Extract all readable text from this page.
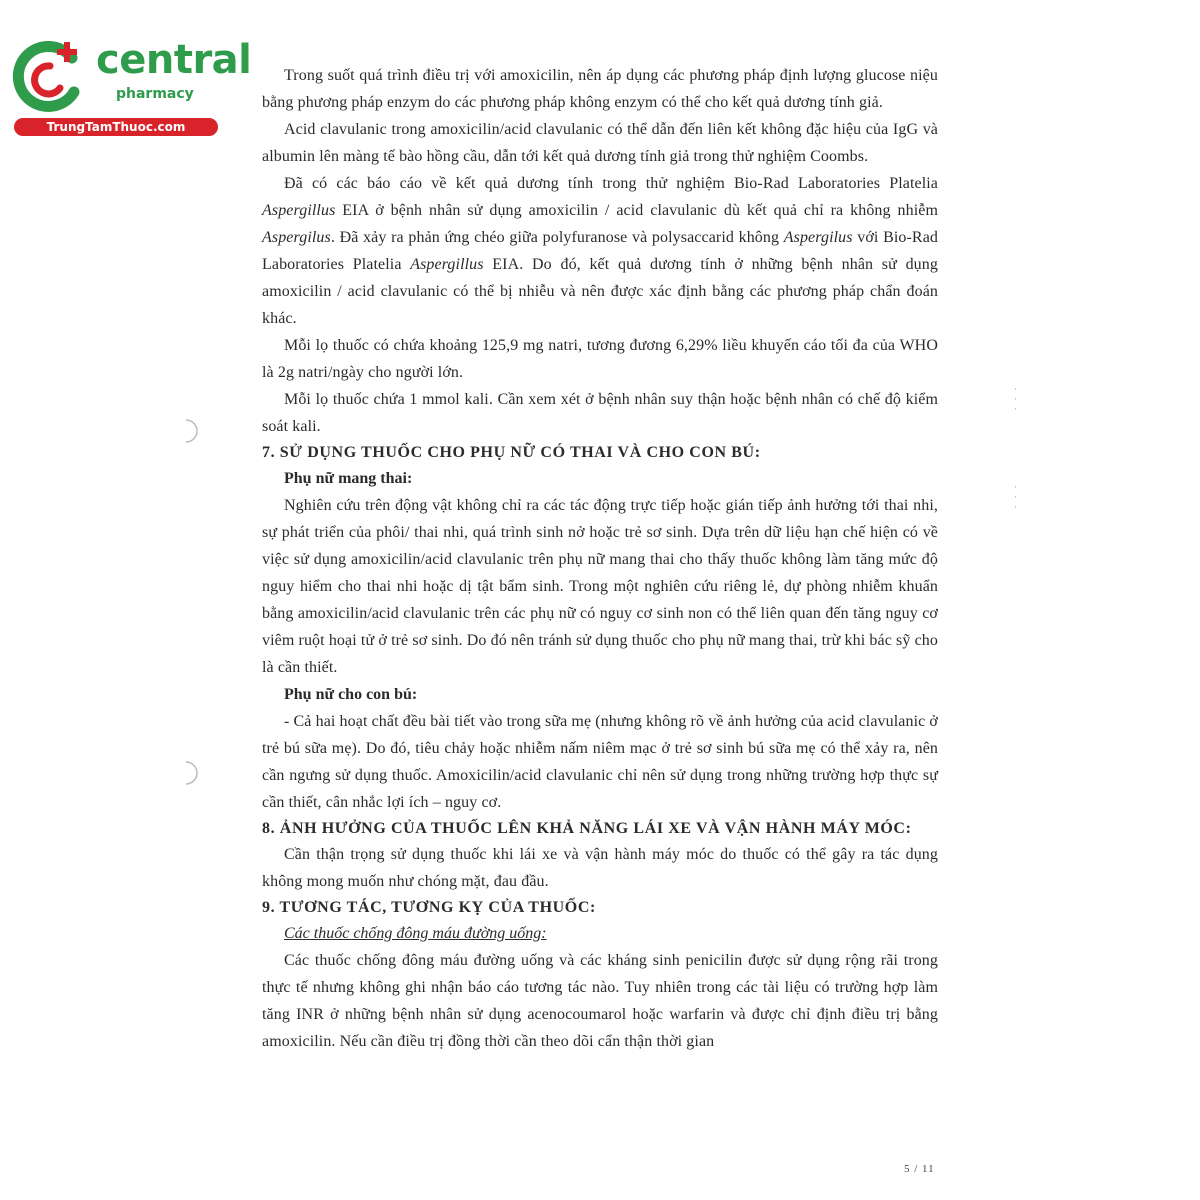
central
pharmacy
TrungTamThuoc.com

Trong suốt quá trình điều trị với amoxicilin, nên áp dụng các phương pháp định lượng glucose niệu bằng phương pháp enzym do các phương pháp không enzym có thể cho kết quả dương tính giả.

Acid clavulanic trong amoxicilin/acid clavulanic có thể dẫn đến liên kết không đặc hiệu của IgG và albumin lên màng tế bào hồng cầu, dẫn tới kết quả dương tính giả trong thử nghiệm Coombs.

Đã có các báo cáo về kết quả dương tính trong thử nghiệm Bio-Rad Laboratories Platelia Aspergillus EIA ở bệnh nhân sử dụng amoxicilin / acid clavulanic dù kết quả chỉ ra không nhiễm Aspergilus. Đã xảy ra phản ứng chéo giữa polyfuranose và polysaccarid không Aspergilus với Bio-Rad Laboratories Platelia Aspergillus EIA. Do đó, kết quả dương tính ở những bệnh nhân sử dụng amoxicilin / acid clavulanic có thể bị nhiễu và nên được xác định bằng các phương pháp chẩn đoán khác.

Mỗi lọ thuốc có chứa khoảng 125,9 mg natri, tương đương 6,29% liều khuyến cáo tối đa của WHO là 2g natri/ngày cho người lớn.

Mỗi lọ thuốc chứa 1 mmol kali. Cần xem xét ở bệnh nhân suy thận hoặc bệnh nhân có chế độ kiểm soát kali.

7. SỬ DỤNG THUỐC CHO PHỤ NỮ CÓ THAI VÀ CHO CON BÚ:

Phụ nữ mang thai:

Nghiên cứu trên động vật không chỉ ra các tác động trực tiếp hoặc gián tiếp ảnh hưởng tới thai nhi, sự phát triển của phôi/ thai nhi, quá trình sinh nở hoặc trẻ sơ sinh. Dựa trên dữ liệu hạn chế hiện có về việc sử dụng amoxicilin/acid clavulanic trên phụ nữ mang thai cho thấy thuốc không làm tăng mức độ nguy hiểm cho thai nhi hoặc dị tật bẩm sinh. Trong một nghiên cứu riêng lẻ, dự phòng nhiễm khuẩn bằng amoxicilin/acid clavulanic trên các phụ nữ có nguy cơ sinh non có thể liên quan đến tăng nguy cơ viêm ruột hoại tử ở trẻ sơ sinh. Do đó nên tránh sử dụng thuốc cho phụ nữ mang thai, trừ khi bác sỹ cho là cần thiết.

Phụ nữ cho con bú:

- Cả hai hoạt chất đều bài tiết vào trong sữa mẹ (nhưng không rõ về ảnh hưởng của acid clavulanic ở trẻ bú sữa mẹ). Do đó, tiêu chảy hoặc nhiễm nấm niêm mạc ở trẻ sơ sinh bú sữa mẹ có thể xảy ra, nên cần ngưng sử dụng thuốc. Amoxicilin/acid clavulanic chỉ nên sử dụng trong những trường hợp thực sự cần thiết, cân nhắc lợi ích – nguy cơ.

8. ẢNH HƯỞNG CỦA THUỐC LÊN KHẢ NĂNG LÁI XE VÀ VẬN HÀNH MÁY MÓC:

Cần thận trọng sử dụng thuốc khi lái xe và vận hành máy móc do thuốc có thể gây ra tác dụng không mong muốn như chóng mặt, đau đầu.

9. TƯƠNG TÁC, TƯƠNG KỴ CỦA THUỐC:

Các thuốc chống đông máu đường uống:

Các thuốc chống đông máu đường uống và các kháng sinh penicilin được sử dụng rộng rãi trong thực tế nhưng không ghi nhận báo cáo tương tác nào. Tuy nhiên trong các tài liệu có trường hợp làm tăng INR ở những bệnh nhân sử dụng acenocoumarol hoặc warfarin và được chỉ định điều trị bằng amoxicilin. Nếu cần điều trị đồng thời cần theo dõi cẩn thận thời gian

·
·
·
·
·
·
5 / 11
